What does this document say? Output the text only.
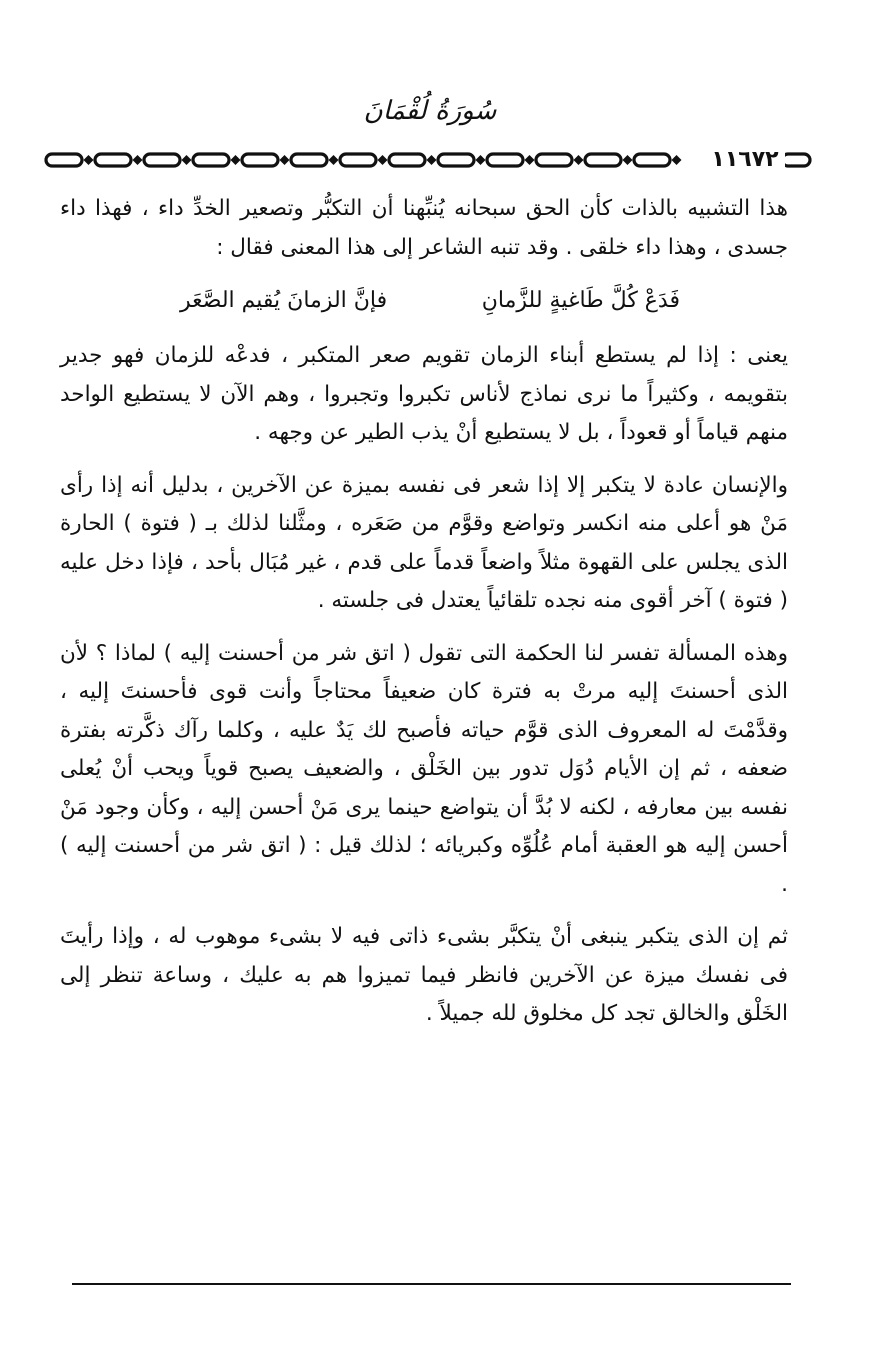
سُورَةُ لُقْمَانَ
١١٦٧٢

هذا التشبيه بالذات كأن الحق سبحانه يُنبِّهنا أن التكبُّر وتصعير الخدِّ داء ، فهذا داء جسدى ، وهذا داء خلقى . وقد تنبه الشاعر إلى هذا المعنى فقال :

فَدَعْ كُلَّ طَاغيةٍ للزَّمانِ
فإنَّ الزمانَ يُقيم الصَّعَر

يعنى : إذا لم يستطع أبناء الزمان تقويم صعر المتكبر ، فدعْه للزمان فهو جدير بتقويمه ، وكثيراً ما نرى نماذج لأناس تكبروا وتجبروا ، وهم الآن لا يستطيع الواحد منهم قياماً أو قعوداً ، بل لا يستطيع أنْ يذب الطير عن وجهه .

والإنسان عادة لا يتكبر إلا إذا شعر فى نفسه بميزة عن الآخرين ، بدليل أنه إذا رأى مَنْ هو أعلى منه انكسر وتواضع وقوَّم من صَعَره ، ومثَّلنا لذلك بـ ( فتوة ) الحارة الذى يجلس على القهوة مثلاً واضعاً قدماً على قدم ، غير مُبَال بأحد ، فإذا دخل عليه ( فتوة ) آخر أقوى منه نجده تلقائياً يعتدل فى جلسته .

وهذه المسألة تفسر لنا الحكمة التى تقول ( اتق شر من أحسنت إليه ) لماذا ؟ لأن الذى أحسنتَ إليه مرتْ به فترة كان ضعيفاً محتاجاً وأنت قوى فأحسنتَ إليه ، وقدَّمْتَ له المعروف الذى قوَّم حياته فأصبح لك يَدٌ عليه ، وكلما رآك ذكَّرته بفترة ضعفه ، ثم إن الأيام دُوَل تدور بين الخَلْق ، والضعيف يصبح قوياً ويحب أنْ يُعلى نفسه بين معارفه ، لكنه لا بُدَّ أن يتواضع حينما يرى مَنْ أحسن إليه ، وكأن وجود مَنْ أحسن إليه هو العقبة أمام عُلُوِّه وكبريائه ؛ لذلك قيل : ( اتق شر من أحسنت إليه ) .

ثم إن الذى يتكبر ينبغى أنْ يتكبَّر بشىء ذاتى فيه لا بشىء موهوب له ، وإذا رأيتَ فى نفسك ميزة عن الآخرين فانظر فيما تميزوا هم به عليك ، وساعة تنظر إلى الخَلْق والخالق تجد كل مخلوق لله جميلاً .
